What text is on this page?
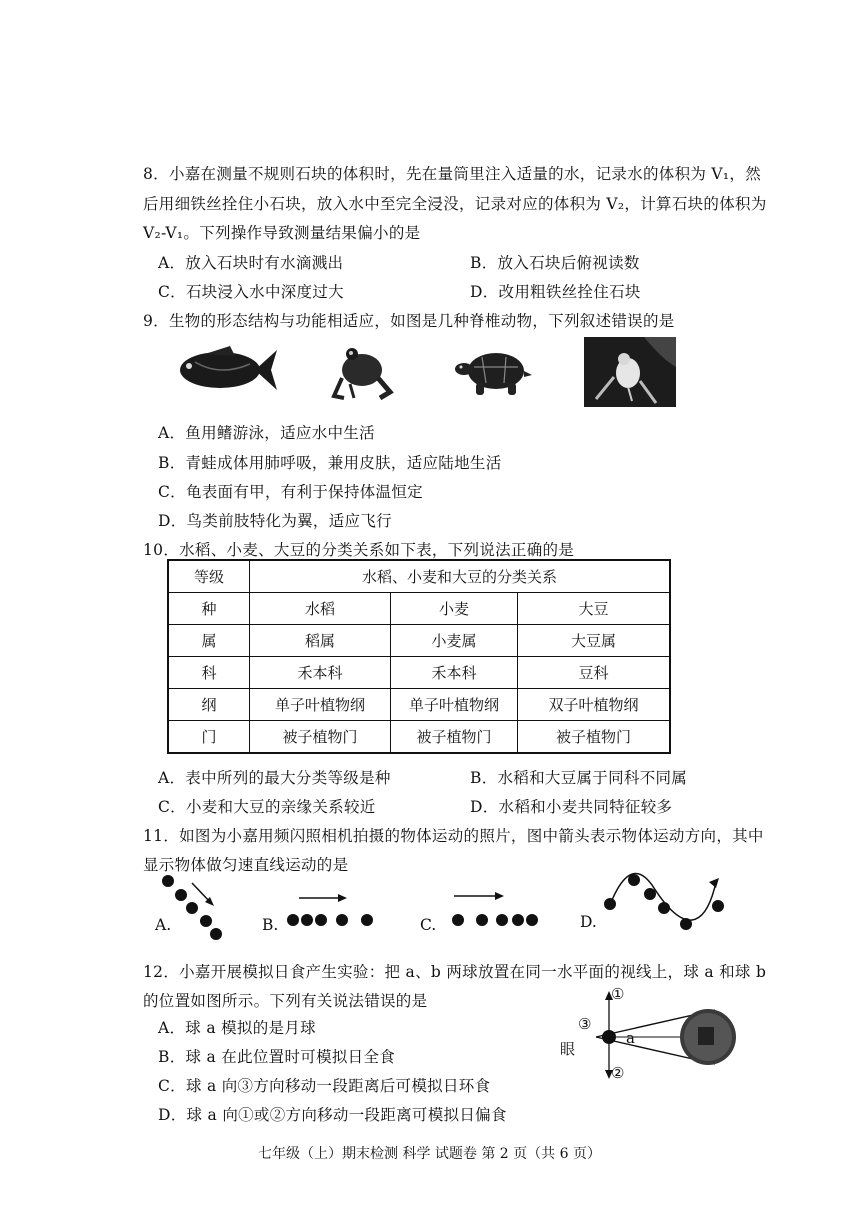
8．小嘉在测量不规则石块的体积时，先在量筒里注入适量的水，记录水的体积为 V₁，然
后用细铁丝拴住小石块，放入水中至完全浸没，记录对应的体积为 V₂，计算石块的体积为
V₂-V₁。下列操作导致测量结果偏小的是
A．放入石块时有水滴溅出	B．放入石块后俯视读数
C．石块浸入水中深度过大	D．改用粗铁丝拴住石块
9．生物的形态结构与功能相适应，如图是几种脊椎动物，下列叙述错误的是
A．鱼用鳍游泳，适应水中生活
B．青蛙成体用肺呼吸，兼用皮肤，适应陆地生活
C．龟表面有甲，有利于保持体温恒定
D．鸟类前肢特化为翼，适应飞行
10．水稻、小麦、大豆的分类关系如下表，下列说法正确的是
等级	水稻、小麦和大豆的分类关系		
种	水稻	小麦	大豆
属	稻属	小麦属	大豆属
科	禾本科	禾本科	豆科
纲	单子叶植物纲	单子叶植物纲	双子叶植物纲
门	被子植物门	被子植物门	被子植物门
A．表中所列的最大分类等级是种	B．水稻和大豆属于同科不同属
C．小麦和大豆的亲缘关系较近	D．水稻和小麦共同特征较多
11．如图为小嘉用频闪照相机拍摄的物体运动的照片，图中箭头表示物体运动方向，其中
显示物体做匀速直线运动的是
A.	B.	C.	D.
12．小嘉开展模拟日食产生实验：把 a、b 两球放置在同一水平面的视线上，球 a 和球 b
的位置如图所示。下列有关说法错误的是
A．球 a 模拟的是月球
B．球 a 在此位置时可模拟日全食
C．球 a 向③方向移动一段距离后可模拟日环食
D．球 a 向①或②方向移动一段距离可模拟日偏食
①
②
③
眼
a
七年级（上）期末检测 科学 试题卷 第 2 页（共 6 页）
